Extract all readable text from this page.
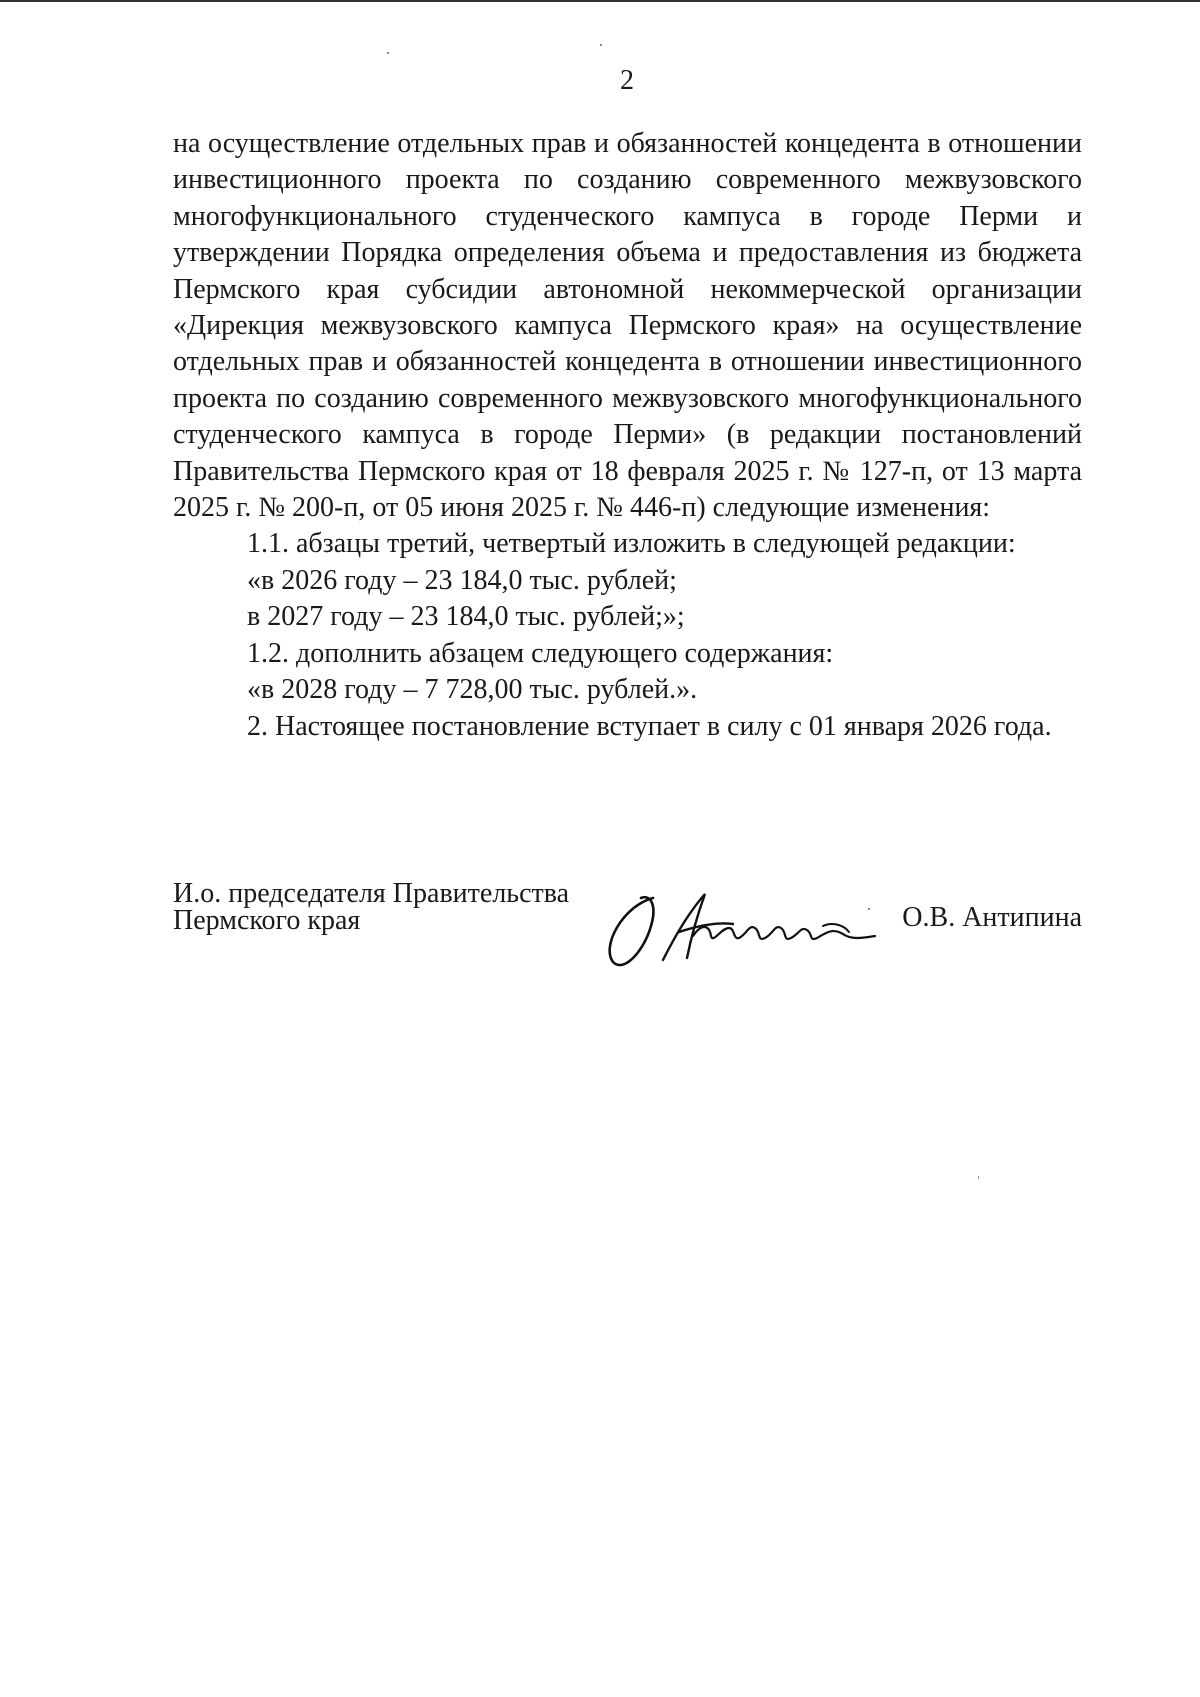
2

на осуществление отдельных прав и обязанностей концедента в отношении инвестиционного проекта по созданию современного межвузовского многофункционального студенческого кампуса в городе Перми и утверждении Порядка определения объема и предоставления из бюджета Пермского края субсидии автономной некоммерческой организации «Дирекция межвузовского кампуса Пермского края» на осуществление отдельных прав и обязанностей концедента в отношении инвестиционного проекта по созданию современного межвузовского многофункционального студенческого кампуса в городе Перми» (в редакции постановлений Правительства Пермского края от 18 февраля 2025 г. № 127-п, от 13 марта 2025 г. № 200-п, от 05 июня 2025 г. № 446-п) следующие изменения:

1.1. абзацы третий, четвертый изложить в следующей редакции:

«в 2026 году – 23 184,0 тыс. рублей;

в 2027 году – 23 184,0 тыс. рублей;»;

1.2. дополнить абзацем следующего содержания:

«в 2028 году – 7 728,00 тыс. рублей.».

2. Настоящее постановление вступает в силу с 01 января 2026 года.

И.о. председателя Правительства
Пермского края	О.В. Антипина
